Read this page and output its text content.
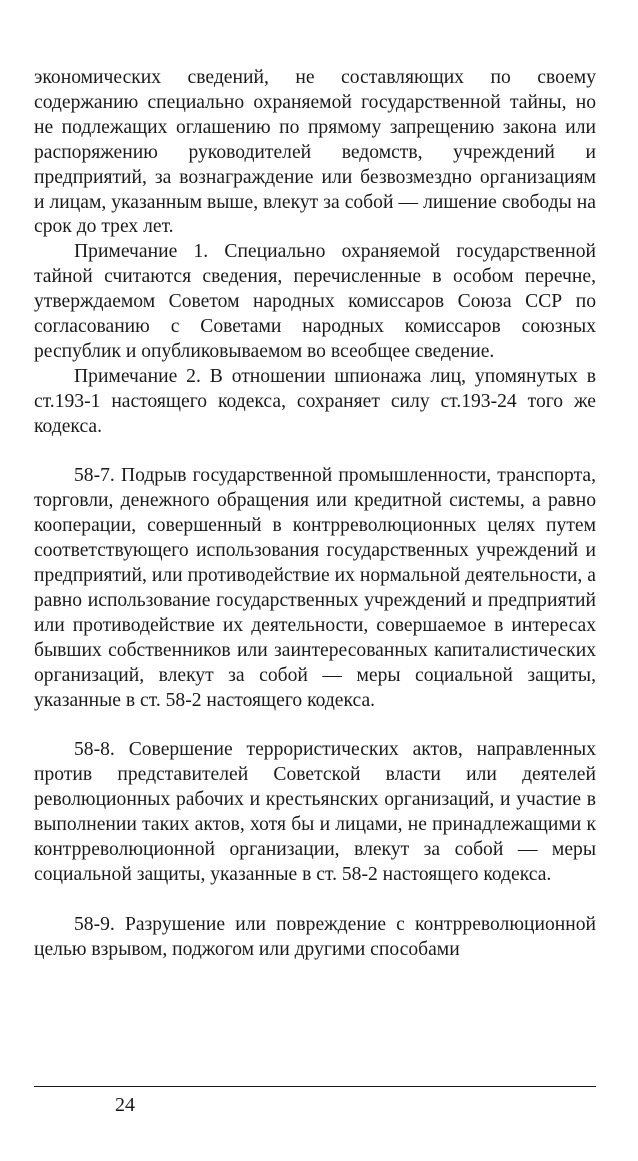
экономических сведений, не составляющих по своему содержанию специально охраняемой государственной тайны, но не подлежащих оглашению по прямому запрещению закона или распоряжению руководителей ведомств, учреждений и предприятий, за вознаграждение или безвозмездно организациям и лицам, указанным выше, влекут за собой — лишение свободы на срок до трех лет.

Примечание 1. Специально охраняемой государственной тайной считаются сведения, перечисленные в особом перечне, утверждаемом Советом народных комиссаров Союза ССР по согласованию с Советами народных комиссаров союзных республик и опубликовываемом во всеобщее сведение.

Примечание 2. В отношении шпионажа лиц, упомянутых в ст.193-1 настоящего кодекса, сохраняет силу ст.193-24 того же кодекса.

58-7. Подрыв государственной промышленности, транспорта, торговли, денежного обращения или кредитной системы, а равно кооперации, совершенный в контрреволюционных целях путем соответствующего использования государственных учреждений и предприятий, или противодействие их нормальной деятельности, а равно использование государственных учреждений и предприятий или противодействие их деятельности, совершаемое в интересах бывших собственников или заинтересованных капиталистических организаций, влекут за собой — меры социальной защиты, указанные в ст. 58-2 настоящего кодекса.

58-8. Совершение террористических актов, направленных против представителей Советской власти или деятелей революционных рабочих и крестьянских организаций, и участие в выполнении таких актов, хотя бы и лицами, не принадлежащими к контрреволюционной организации, влекут за собой — меры социальной защиты, указанные в ст. 58-2 настоящего кодекса.

58-9. Разрушение или повреждение с контрреволюционной целью взрывом, поджогом или другими способами

24
